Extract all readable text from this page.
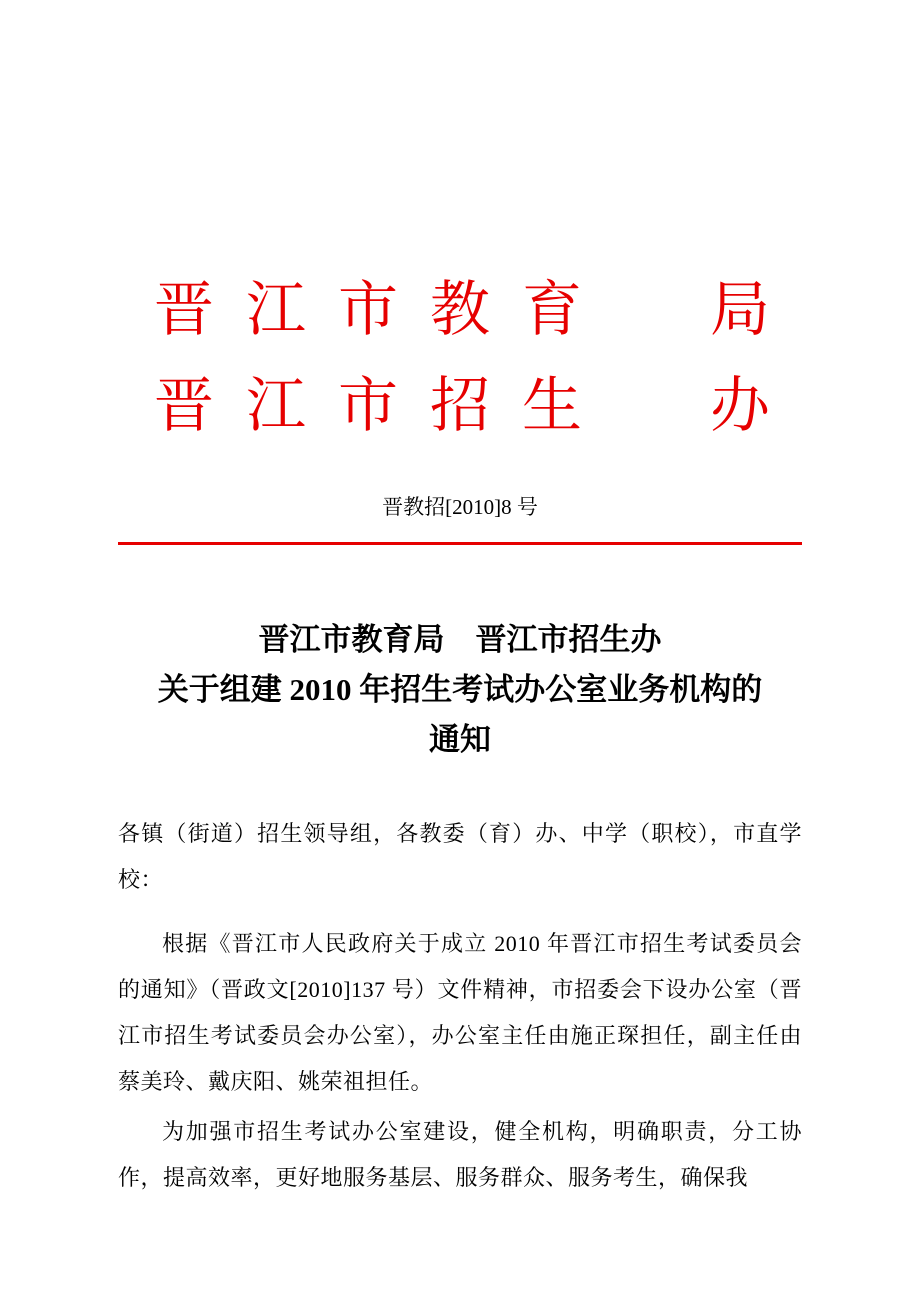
晋江市教育 局
晋江市招生 办
晋教招[2010]8 号
晋江市教育局　晋江市招生办
关于组建 2010 年招生考试办公室业务机构的
通知

各镇（街道）招生领导组，各教委（育）办、中学（职校），市直学校：

根据《晋江市人民政府关于成立 2010 年晋江市招生考试委员会的通知》（晋政文[2010]137 号）文件精神，市招委会下设办公室（晋江市招生考试委员会办公室），办公室主任由施正琛担任，副主任由蔡美玲、戴庆阳、姚荣祖担任。

为加强市招生考试办公室建设，健全机构，明确职责，分工协作，提高效率，更好地服务基层、服务群众、服务考生，确保我
